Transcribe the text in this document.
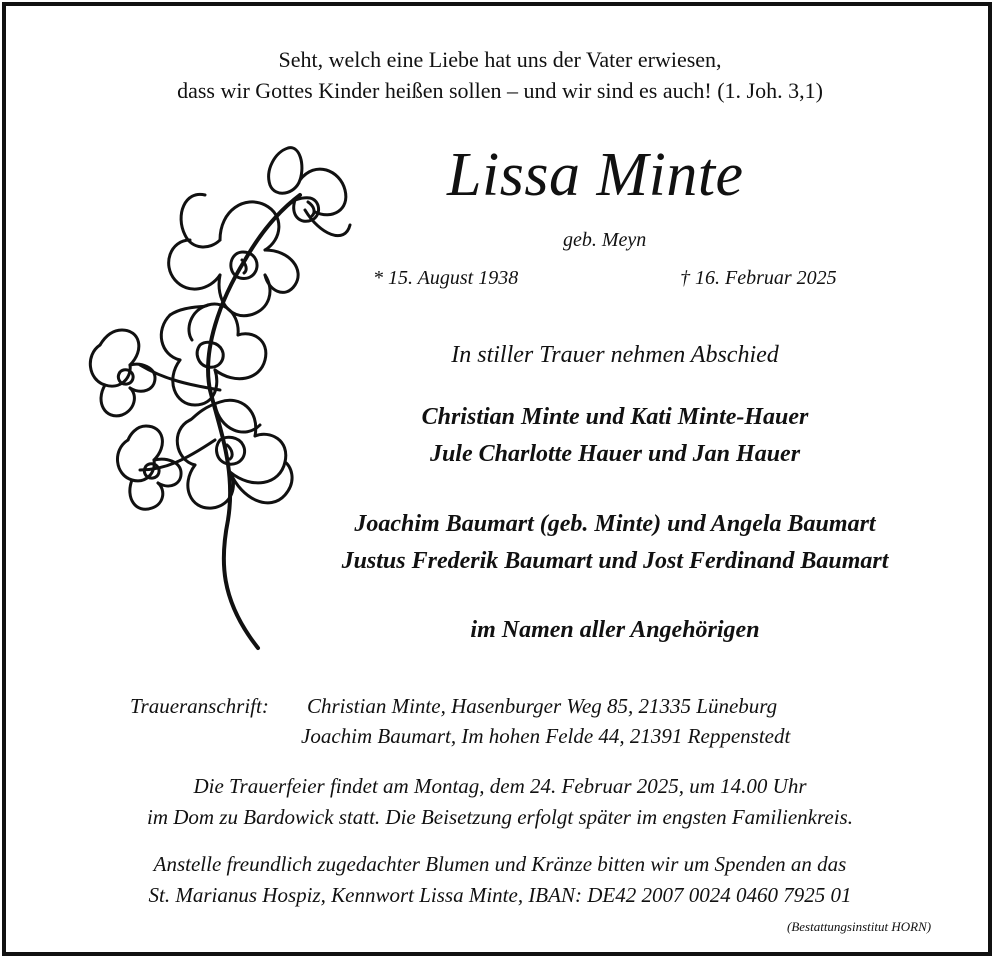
Seht, welch eine Liebe hat uns der Vater erwiesen,
dass wir Gottes Kinder heißen sollen – und wir sind es auch! (1. Joh. 3,1)
Lissa Minte
geb. Meyn
* 15. August 1938	† 16. Februar 2025
In stiller Trauer nehmen Abschied
Christian Minte und Kati Minte-Hauer
Jule Charlotte Hauer und Jan Hauer
Joachim Baumart (geb. Minte) und Angela Baumart
Justus Frederik Baumart und Jost Ferdinand Baumart
im Namen aller Angehörigen
Traueranschrift: Christian Minte, Hasenburger Weg 85, 21335 Lüneburg
Joachim Baumart, Im hohen Felde 44, 21391 Reppenstedt
Die Trauerfeier findet am Montag, dem 24. Februar 2025, um 14.00 Uhr
im Dom zu Bardowick statt. Die Beisetzung erfolgt später im engsten Familienkreis.
Anstelle freundlich zugedachter Blumen und Kränze bitten wir um Spenden an das
St. Marianus Hospiz, Kennwort Lissa Minte, IBAN: DE42 2007 0024 0460 7925 01
(Bestattungsinstitut HORN)
